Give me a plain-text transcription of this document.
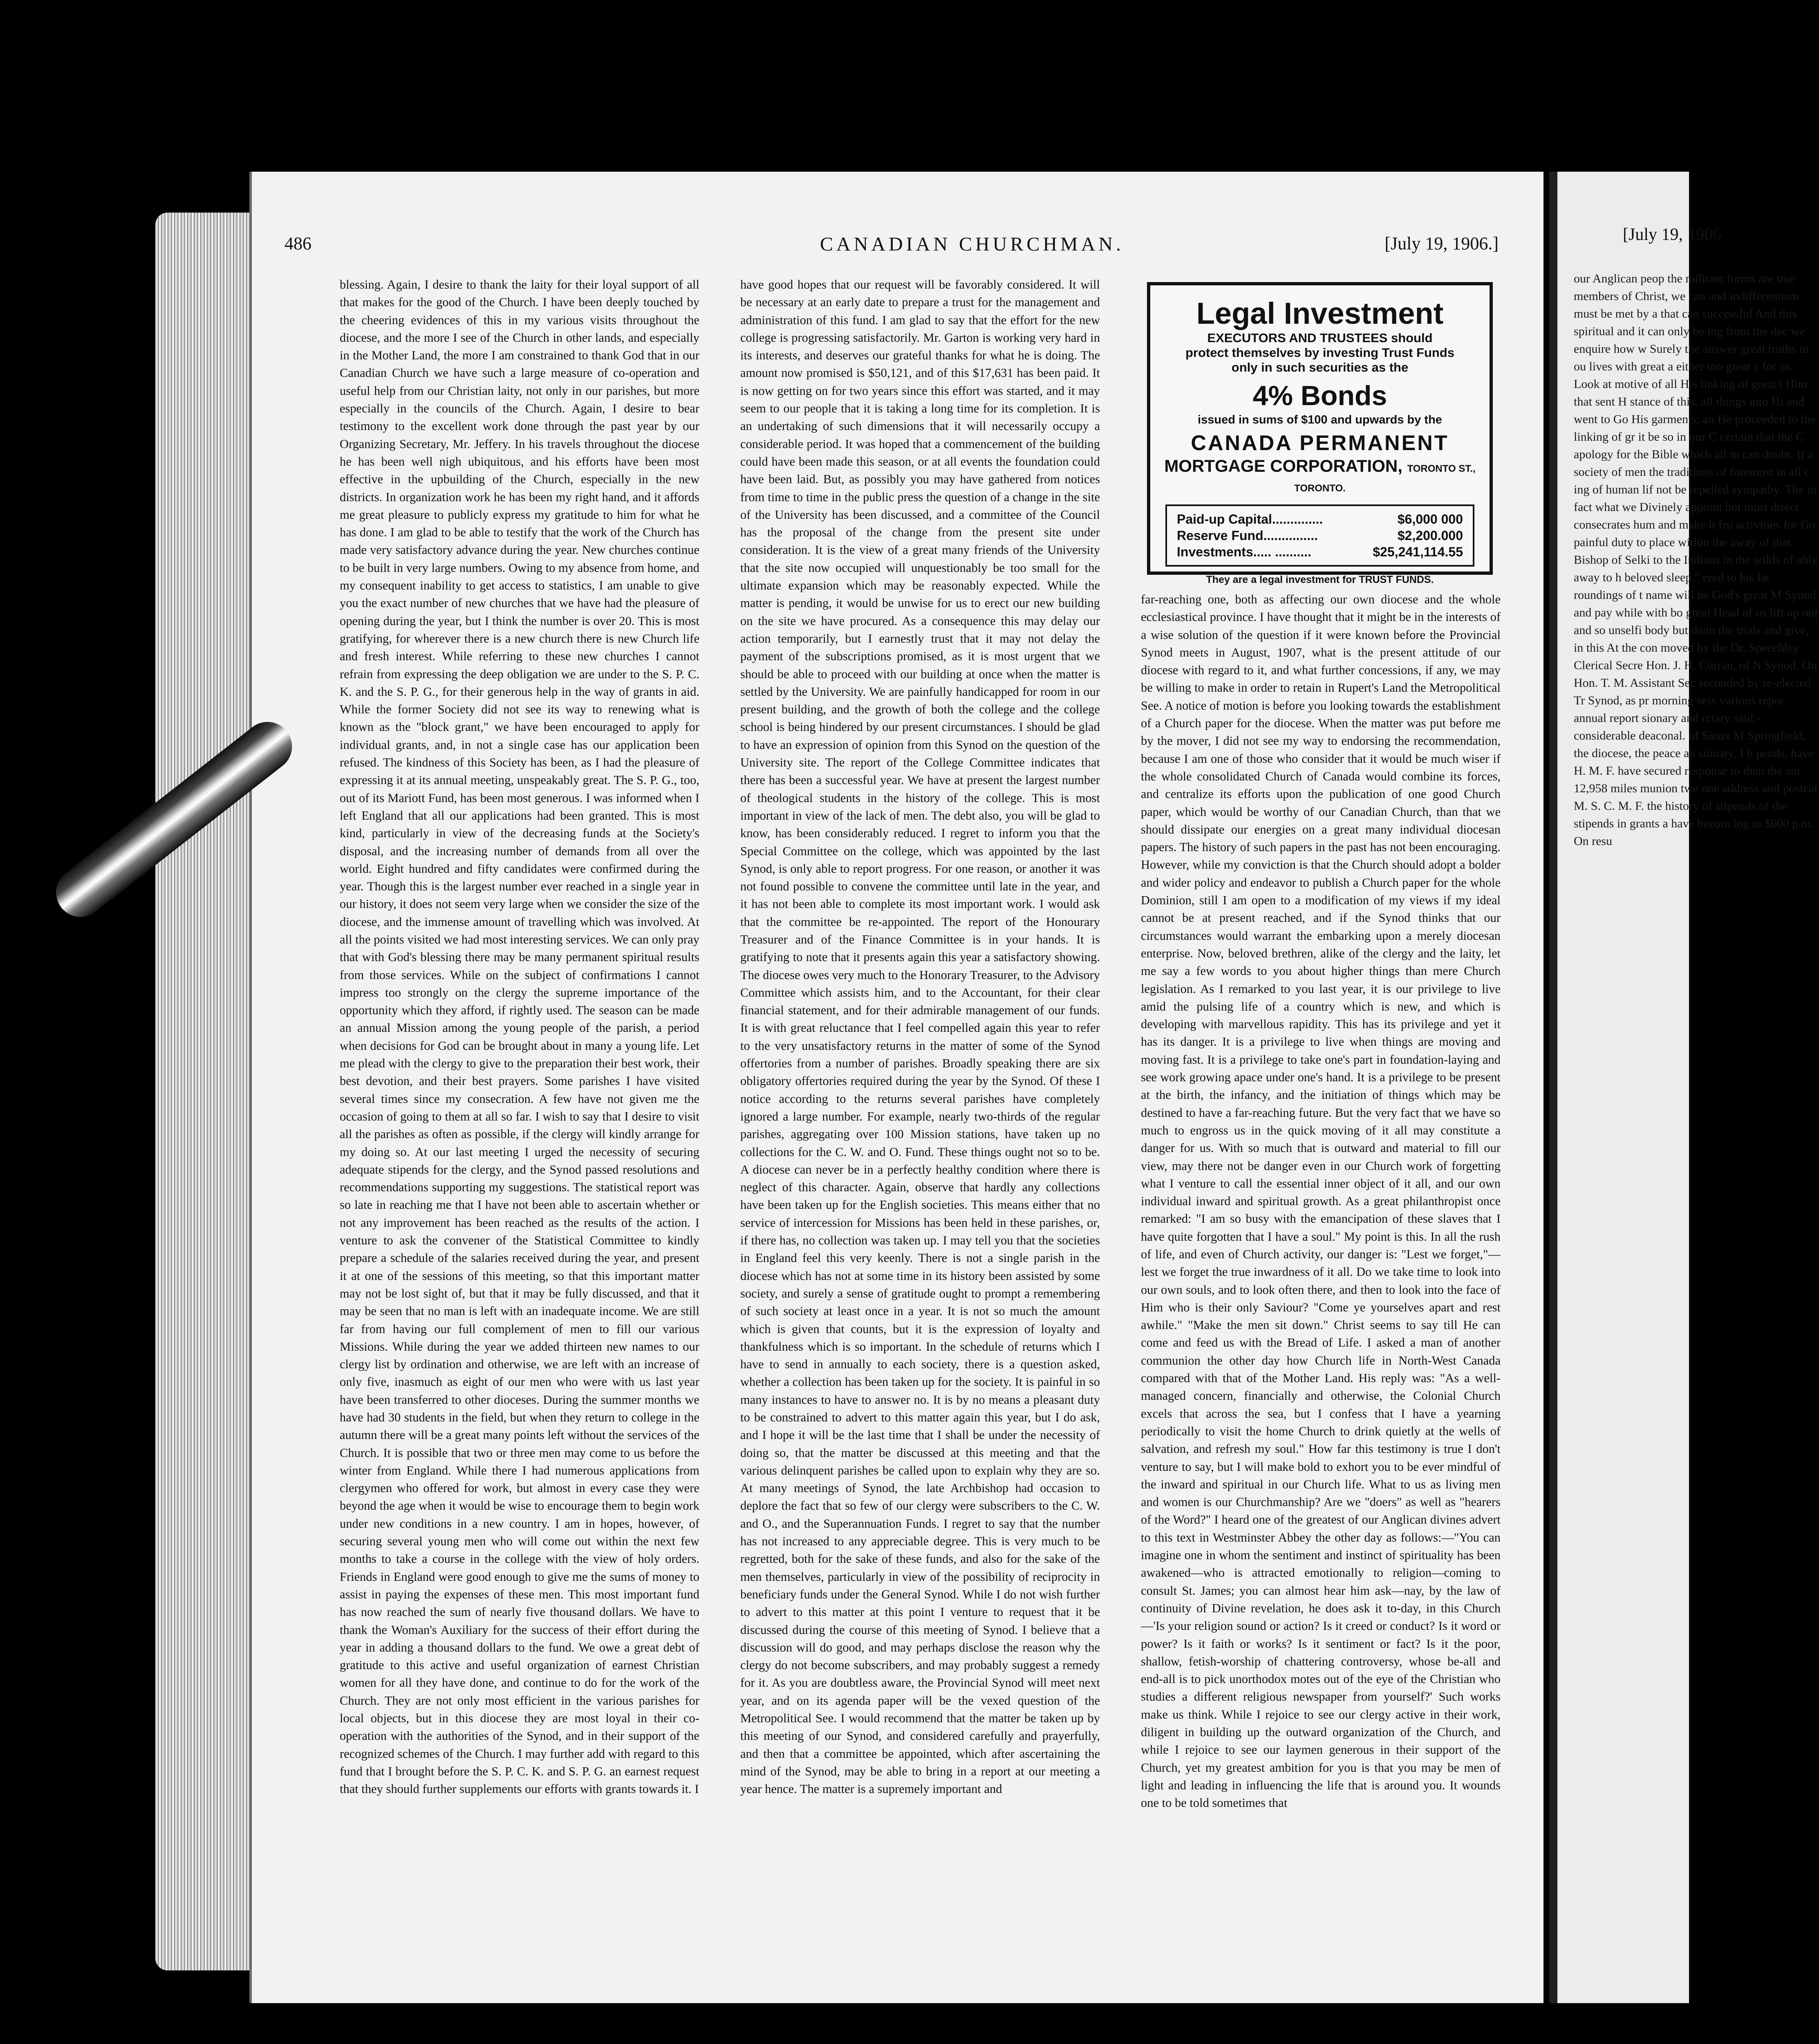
486	CANADIAN CHURCHMAN.	[July 19, 1906.]
blessing. Again, I desire to thank the laity for their loyal support of all that makes for the good of the Church. I have been deeply touched by the cheering evidences of this in my various visits throughout the diocese, and the more I see of the Church in other lands, and especially in the Mother Land, the more I am constrained to thank God that in our Canadian Church we have such a large measure of co-operation and useful help from our Christian laity, not only in our parishes, but more especially in the councils of the Church. Again, I desire to bear testimony to the excellent work done through the past year by our Organizing Secretary, Mr. Jeffery. In his travels throughout the diocese he has been well nigh ubiquitous, and his efforts have been most effective in the upbuilding of the Church, especially in the new districts. In organization work he has been my right hand, and it affords me great pleasure to publicly express my gratitude to him for what he has done. I am glad to be able to testify that the work of the Church has made very satisfactory advance during the year. New churches continue to be built in very large numbers. Owing to my absence from home, and my consequent inability to get access to statistics, I am unable to give you the exact number of new churches that we have had the pleasure of opening during the year, but I think the number is over 20. This is most gratifying, for wherever there is a new church there is new Church life and fresh interest. While referring to these new churches I cannot refrain from expressing the deep obligation we are under to the S. P. C. K. and the S. P. G., for their generous help in the way of grants in aid. While the former Society did not see its way to renewing what is known as the "block grant," we have been encouraged to apply for individual grants, and, in not a single case has our application been refused. The kindness of this Society has been, as I had the pleasure of expressing it at its annual meeting, unspeakably great. The S. P. G., too, out of its Mariott Fund, has been most generous. I was informed when I left England that all our applications had been granted. This is most kind, particularly in view of the decreasing funds at the Society's disposal, and the increasing number of demands from all over the world. Eight hundred and fifty candidates were confirmed during the year. Though this is the largest number ever reached in a single year in our history, it does not seem very large when we consider the size of the diocese, and the immense amount of travelling which was involved. At all the points visited we had most interesting services. We can only pray that with God's blessing there may be many permanent spiritual results from those services. While on the subject of confirmations I cannot impress too strongly on the clergy the supreme importance of the opportunity which they afford, if rightly used. The season can be made an annual Mission among the young people of the parish, a period when decisions for God can be brought about in many a young life. Let me plead with the clergy to give to the preparation their best work, their best devotion, and their best prayers. Some parishes I have visited several times since my consecration. A few have not given me the occasion of going to them at all so far. I wish to say that I desire to visit all the parishes as often as possible, if the clergy will kindly arrange for my doing so. At our last meeting I urged the necessity of securing adequate stipends for the clergy, and the Synod passed resolutions and recommendations supporting my suggestions. The statistical report was so late in reaching me that I have not been able to ascertain whether or not any improvement has been reached as the results of the action. I venture to ask the convener of the Statistical Committee to kindly prepare a schedule of the salaries received during the year, and present it at one of the sessions of this meeting, so that this important matter may not be lost sight of, but that it may be fully discussed, and that it may be seen that no man is left with an inadequate income. We are still far from having our full complement of men to fill our various Missions. While during the year we added thirteen new names to our clergy list by ordination and otherwise, we are left with an increase of only five, inasmuch as eight of our men who were with us last year have been transferred to other dioceses. During the summer months we have had 30 students in the field, but when they return to college in the autumn there will be a great many points left without the services of the Church. It is possible that two or three men may come to us before the winter from England. While there I had numerous applications from clergymen who offered for work, but almost in every case they were beyond the age when it would be wise to encourage them to begin work under new conditions in a new country. I am in hopes, however, of securing several young men who will come out within the next few months to take a course in the college with the view of holy orders. Friends in England were good enough to give me the sums of money to assist in paying the expenses of these men. This most important fund has now reached the sum of nearly five thousand dollars. We have to thank the Woman's Auxiliary for the success of their effort during the year in adding a thousand dollars to the fund. We owe a great debt of gratitude to this active and useful organization of earnest Christian women for all they have done, and continue to do for the work of the Church. They are not only most efficient in the various parishes for local objects, but in this diocese they are most loyal in their co-operation with the authorities of the Synod, and in their support of the recognized schemes of the Church. I may further add with regard to this fund that I brought before the S. P. C. K. and S. P. G. an earnest request that they should further supplements our efforts with grants towards it. I
have good hopes that our request will be favorably considered. It will be necessary at an early date to prepare a trust for the management and administration of this fund. I am glad to say that the effort for the new college is progressing satisfactorily. Mr. Garton is working very hard in its interests, and deserves our grateful thanks for what he is doing. The amount now promised is $50,121, and of this $17,631 has been paid. It is now getting on for two years since this effort was started, and it may seem to our people that it is taking a long time for its completion. It is an undertaking of such dimensions that it will necessarily occupy a considerable period. It was hoped that a commencement of the building could have been made this season, or at all events the foundation could have been laid. But, as possibly you may have gathered from notices from time to time in the public press the question of a change in the site of the University has been discussed, and a committee of the Council has the proposal of the change from the present site under consideration. It is the view of a great many friends of the University that the site now occupied will unquestionably be too small for the ultimate expansion which may be reasonably expected. While the matter is pending, it would be unwise for us to erect our new building on the site we have procured. As a consequence this may delay our action temporarily, but I earnestly trust that it may not delay the payment of the subscriptions promised, as it is most urgent that we should be able to proceed with our building at once when the matter is settled by the University. We are painfully handicapped for room in our present building, and the growth of both the college and the college school is being hindered by our present circumstances. I should be glad to have an expression of opinion from this Synod on the question of the University site. The report of the College Committee indicates that there has been a successful year. We have at present the largest number of theological students in the history of the college. This is most important in view of the lack of men. The debt also, you will be glad to know, has been considerably reduced. I regret to inform you that the Special Committee on the college, which was appointed by the last Synod, is only able to report progress. For one reason, or another it was not found possible to convene the committee until late in the year, and it has not been able to complete its most important work. I would ask that the committee be re-appointed. The report of the Honourary Treasurer and of the Finance Committee is in your hands. It is gratifying to note that it presents again this year a satisfactory showing. The diocese owes very much to the Honorary Treasurer, to the Advisory Committee which assists him, and to the Accountant, for their clear financial statement, and for their admirable management of our funds. It is with great reluctance that I feel compelled again this year to refer to the very unsatisfactory returns in the matter of some of the Synod offertories from a number of parishes. Broadly speaking there are six obligatory offertories required during the year by the Synod. Of these I notice according to the returns several parishes have completely ignored a large number. For example, nearly two-thirds of the regular parishes, aggregating over 100 Mission stations, have taken up no collections for the C. W. and O. Fund. These things ought not so to be. A diocese can never be in a perfectly healthy condition where there is neglect of this character. Again, observe that hardly any collections have been taken up for the English societies. This means either that no service of intercession for Missions has been held in these parishes, or, if there has, no collection was taken up. I may tell you that the societies in England feel this very keenly. There is not a single parish in the diocese which has not at some time in its history been assisted by some society, and surely a sense of gratitude ought to prompt a remembering of such society at least once in a year. It is not so much the amount which is given that counts, but it is the expression of loyalty and thankfulness which is so important. In the schedule of returns which I have to send in annually to each society, there is a question asked, whether a collection has been taken up for the society. It is painful in so many instances to have to answer no. It is by no means a pleasant duty to be constrained to advert to this matter again this year, but I do ask, and I hope it will be the last time that I shall be under the necessity of doing so, that the matter be discussed at this meeting and that the various delinquent parishes be called upon to explain why they are so. At many meetings of Synod, the late Archbishop had occasion to deplore the fact that so few of our clergy were subscribers to the C. W. and O., and the Superannuation Funds. I regret to say that the number has not increased to any appreciable degree. This is very much to be regretted, both for the sake of these funds, and also for the sake of the men themselves, particularly in view of the possibility of reciprocity in beneficiary funds under the General Synod. While I do not wish further to advert to this matter at this point I venture to request that it be discussed during the course of this meeting of Synod. I believe that a discussion will do good, and may perhaps disclose the reason why the clergy do not become subscribers, and may probably suggest a remedy for it. As you are doubtless aware, the Provincial Synod will meet next year, and on its agenda paper will be the vexed question of the Metropolitical See. I would recommend that the matter be taken up by this meeting of our Synod, and considered carefully and prayerfully, and then that a committee be appointed, which after ascertaining the mind of the Synod, may be able to bring in a report at our meeting a year hence. The matter is a supremely important and
Legal Investment
EXECUTORS AND TRUSTEES should
protect themselves by investing Trust Funds
only in such securities as the
4% Bonds
issued in sums of $100 and upwards by the
CANADA PERMANENT
MORTGAGE CORPORATION, TORONTO ST., TORONTO.
Paid-up Capital..............	$6,000 000
Reserve Fund...............	$2,200.000
Investments..... ..........	$25,241,114.55
They are a legal investment for TRUST FUNDS.
far-reaching one, both as affecting our own diocese and the whole ecclesiastical province. I have thought that it might be in the interests of a wise solution of the question if it were known before the Provincial Synod meets in August, 1907, what is the present attitude of our diocese with regard to it, and what further concessions, if any, we may be willing to make in order to retain in Rupert's Land the Metropolitical See. A notice of motion is before you looking towards the establishment of a Church paper for the diocese. When the matter was put before me by the mover, I did not see my way to endorsing the recommendation, because I am one of those who consider that it would be much wiser if the whole consolidated Church of Canada would combine its forces, and centralize its efforts upon the publication of one good Church paper, which would be worthy of our Canadian Church, than that we should dissipate our energies on a great many individual diocesan papers. The history of such papers in the past has not been encouraging. However, while my conviction is that the Church should adopt a bolder and wider policy and endeavor to publish a Church paper for the whole Dominion, still I am open to a modification of my views if my ideal cannot be at present reached, and if the Synod thinks that our circumstances would warrant the embarking upon a merely diocesan enterprise. Now, beloved brethren, alike of the clergy and the laity, let me say a few words to you about higher things than mere Church legislation. As I remarked to you last year, it is our privilege to live amid the pulsing life of a country which is new, and which is developing with marvellous rapidity. This has its privilege and yet it has its danger. It is a privilege to live when things are moving and moving fast. It is a privilege to take one's part in foundation-laying and see work growing apace under one's hand. It is a privilege to be present at the birth, the infancy, and the initiation of things which may be destined to have a far-reaching future. But the very fact that we have so much to engross us in the quick moving of it all may constitute a danger for us. With so much that is outward and material to fill our view, may there not be danger even in our Church work of forgetting what I venture to call the essential inner object of it all, and our own individual inward and spiritual growth. As a great philanthropist once remarked: "I am so busy with the emancipation of these slaves that I have quite forgotten that I have a soul." My point is this. In all the rush of life, and even of Church activity, our danger is: "Lest we forget,"—lest we forget the true inwardness of it all. Do we take time to look into our own souls, and to look often there, and then to look into the face of Him who is their only Saviour? "Come ye yourselves apart and rest awhile." "Make the men sit down." Christ seems to say till He can come and feed us with the Bread of Life. I asked a man of another communion the other day how Church life in North-West Canada compared with that of the Mother Land. His reply was: "As a well-managed concern, financially and otherwise, the Colonial Church excels that across the sea, but I confess that I have a yearning periodically to visit the home Church to drink quietly at the wells of salvation, and refresh my soul." How far this testimony is true I don't venture to say, but I will make bold to exhort you to be ever mindful of the inward and spiritual in our Church life. What to us as living men and women is our Churchmanship? Are we "doers" as well as "hearers of the Word?" I heard one of the greatest of our Anglican divines advert to this text in Westminster Abbey the other day as follows:—"You can imagine one in whom the sentiment and instinct of spirituality has been awakened—who is attracted emotionally to religion—coming to consult St. James; you can almost hear him ask—nay, by the law of continuity of Divine revelation, he does ask it to-day, in this Church—'Is your religion sound or action? Is it creed or conduct? Is it word or power? Is it faith or works? Is it sentiment or fact? Is it the poor, shallow, fetish-worship of chattering controversy, whose be-all and end-all is to pick unorthodox motes out of the eye of the Christian who studies a different religious newspaper from yourself?' Such works make us think. While I rejoice to see our clergy active in their work, diligent in building up the outward organization of the Church, and while I rejoice to see our laymen generous in their support of the Church, yet my greatest ambition for you is that you may be men of light and leading in influencing the life that is around you. It wounds one to be told sometimes that
[July 19, 1906
our Anglican peop the militant forms are true members of Christ, we can and indifferentism must be met by a that can successful And this spiritual and it can only be ing from the dec we enquire how w Surely the answer great truths in ou lives with great a either too great c for us. Look at motive of all His linking of great t Him that sent H stance of this. all things into Hi and went to Go His garments; an He proceeded to the linking of gr it be so in our C certain that the C apology for the Bible which all m can doubt. If a society of men the traditions of foremost in all c ing of human lif not be repelled sympathy. The in fact what we Divinely appoint but most direct consecrates hum and make it fru activities for Go painful duty to place within the away of that Bishop of Selki to the Indians in the wilds of ably away to h beloved sleep." ered to his fat roundings of t name will be God's great M Synod and pay while with bo great Head of us lift up our and so unselfi body but daun the trials and give, in this At the con moved by the Dr. Speechley Clerical Secre Hon. J. H. Curran, of N Synod. On Hon. T. M. Assistant Sec seconded by re-elected Tr Synod, as pr morning sess various repor annual report sionary and rctary said:- considerable deaconal. of Sioux M Springfield, the diocese, the peace an sionary, I h pends, have H. M. F. have secured response to than the am 12,958 miles munion twe one address and postcar M. S. C. M. F. the history of stipends of the stipends in grants a have becom ing to $600 p.m. On resu
